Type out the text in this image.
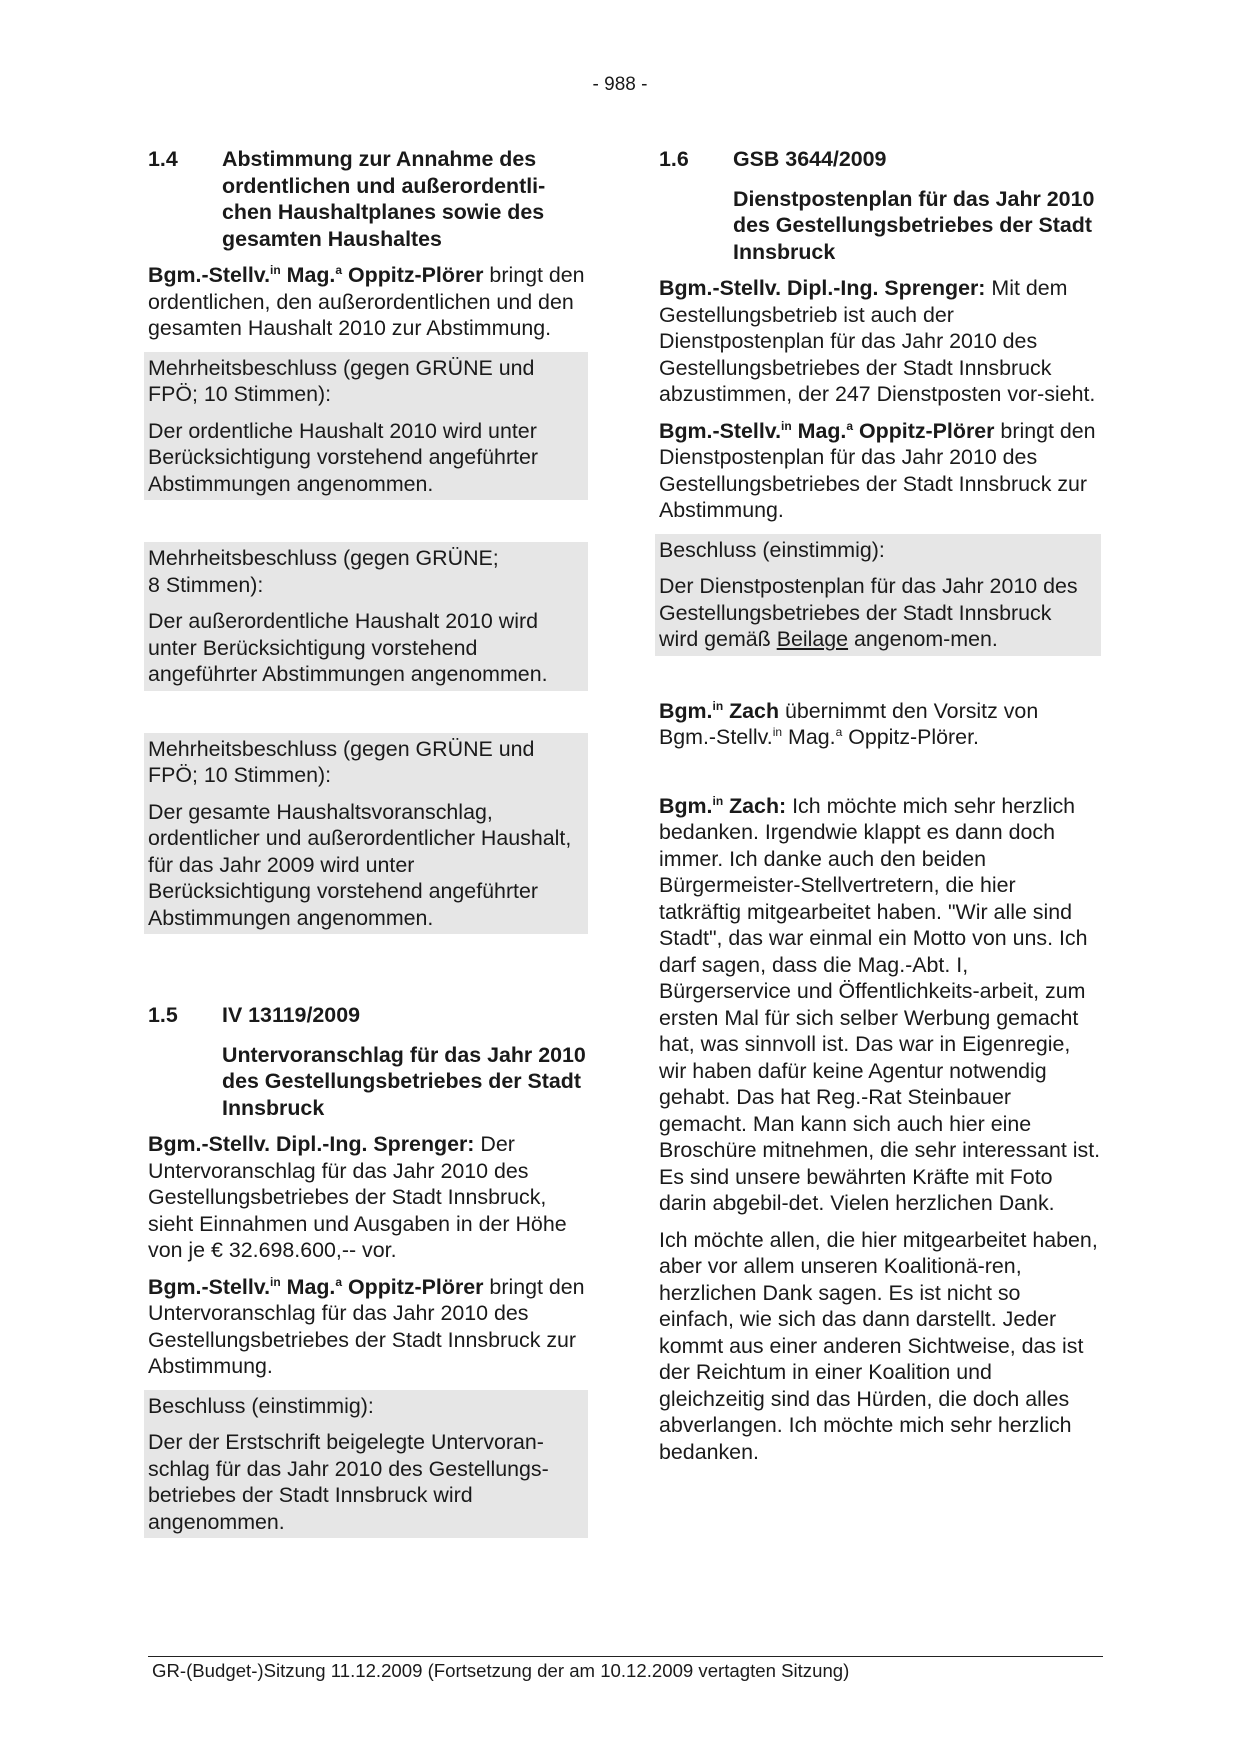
- 988 -
1.4	Abstimmung zur Annahme des ordentlichen und außerordentli-chen Haushaltplanes sowie des gesamten Haushaltes

Bgm.-Stellv.$^{in}$ Mag.$^a$ Oppitz-Plörer bringt den ordentlichen, den außerordentlichen und den gesamten Haushalt 2010 zur Abstimmung.

Mehrheitsbeschluss (gegen GRÜNE und FPÖ; 10 Stimmen):

Der ordentliche Haushalt 2010 wird unter Berücksichtigung vorstehend angeführter Abstimmungen angenommen.

Mehrheitsbeschluss (gegen GRÜNE;
8 Stimmen):

Der außerordentliche Haushalt 2010 wird unter Berücksichtigung vorstehend angeführter Abstimmungen angenommen.

Mehrheitsbeschluss (gegen GRÜNE und FPÖ; 10 Stimmen):

Der gesamte Haushaltsvoranschlag, ordentlicher und außerordentlicher Haushalt, für das Jahr 2009 wird unter Berücksichtigung vorstehend angeführter Abstimmungen angenommen.

1.5	IV 13119/2009
Untervoranschlag für das Jahr 2010 des Gestellungsbetriebes der Stadt Innsbruck

Bgm.-Stellv. Dipl.-Ing. Sprenger: Der Untervoranschlag für das Jahr 2010 des Gestellungsbetriebes der Stadt Innsbruck, sieht Einnahmen und Ausgaben in der Höhe von je € 32.698.600,-- vor.

Bgm.-Stellv.$^{in}$ Mag.$^a$ Oppitz-Plörer bringt den Untervoranschlag für das Jahr 2010 des Gestellungsbetriebes der Stadt Innsbruck zur Abstimmung.

Beschluss (einstimmig):

Der der Erstschrift beigelegte Untervoran-schlag für das Jahr 2010 des Gestellungs-betriebes der Stadt Innsbruck wird angenommen.

1.6	GSB 3644/2009
Dienstpostenplan für das Jahr 2010 des Gestellungsbetriebes der Stadt Innsbruck

Bgm.-Stellv. Dipl.-Ing. Sprenger: Mit dem Gestellungsbetrieb ist auch der Dienstpostenplan für das Jahr 2010 des Gestellungsbetriebes der Stadt Innsbruck abzustimmen, der 247 Dienstposten vor-sieht.

Bgm.-Stellv.$^{in}$ Mag.$^a$ Oppitz-Plörer bringt den Dienstpostenplan für das Jahr 2010 des Gestellungsbetriebes der Stadt Innsbruck zur Abstimmung.

Beschluss (einstimmig):

Der Dienstpostenplan für das Jahr 2010 des Gestellungsbetriebes der Stadt Innsbruck wird gemäß Beilage angenom-men.

Bgm.$^{in}$ Zach übernimmt den Vorsitz von Bgm.-Stellv.$^{in}$ Mag.$^a$ Oppitz-Plörer.

Bgm.$^{in}$ Zach: Ich möchte mich sehr herzlich bedanken. Irgendwie klappt es dann doch immer. Ich danke auch den beiden Bürgermeister-Stellvertretern, die hier tatkräftig mitgearbeitet haben. "Wir alle sind Stadt", das war einmal ein Motto von uns. Ich darf sagen, dass die Mag.-Abt. I, Bürgerservice und Öffentlichkeits-arbeit, zum ersten Mal für sich selber Werbung gemacht hat, was sinnvoll ist. Das war in Eigenregie, wir haben dafür keine Agentur notwendig gehabt. Das hat Reg.-Rat Steinbauer gemacht. Man kann sich auch hier eine Broschüre mitnehmen, die sehr interessant ist. Es sind unsere bewährten Kräfte mit Foto darin abgebil-det. Vielen herzlichen Dank.

Ich möchte allen, die hier mitgearbeitet haben, aber vor allem unseren Koalitionä-ren, herzlichen Dank sagen. Es ist nicht so einfach, wie sich das dann darstellt. Jeder kommt aus einer anderen Sichtweise, das ist der Reichtum in einer Koalition und gleichzeitig sind das Hürden, die doch alles abverlangen. Ich möchte mich sehr herzlich bedanken.

GR-(Budget-)Sitzung 11.12.2009 (Fortsetzung der am 10.12.2009 vertagten Sitzung)
